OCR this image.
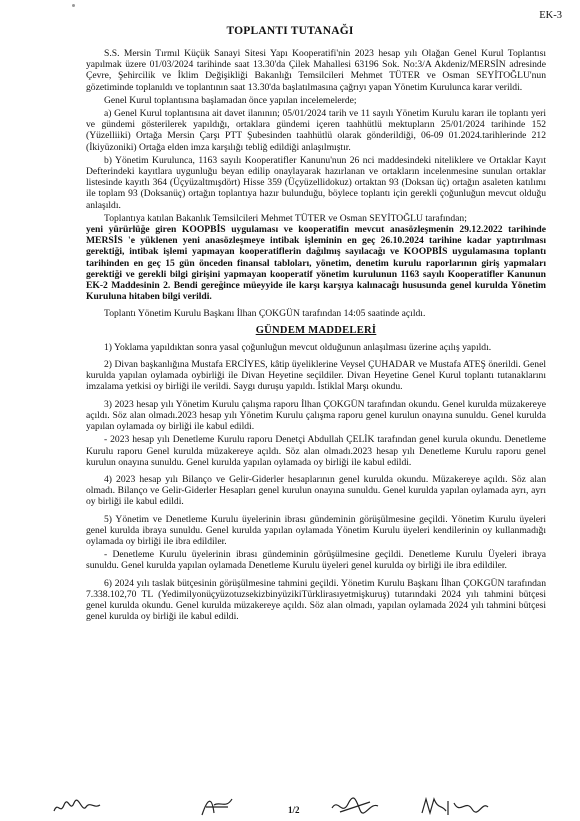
EK-3
TOPLANTI TUTANAĞI

S.S. Mersin Tırmıl Küçük Sanayi Sitesi Yapı Kooperatifi'nin 2023 hesap yılı Olağan Genel Kurul Toplantısı yapılmak üzere 01/03/2024 tarihinde saat 13.30'da Çilek Mahallesi 63196 Sok. No:3/A Akdeniz/MERSİN adresinde Çevre, Şehircilik ve İklim Değişikliği Bakanlığı Temsilcileri Mehmet TÜTER ve Osman SEYİTOĞLU'nun gözetiminde toplanıldı ve toplantının saat 13.30'da başlatılmasına çağrıyı yapan Yönetim Kurulunca karar verildi.

Genel Kurul toplantısına başlamadan önce yapılan incelemelerde;

a) Genel Kurul toplantısına ait davet ilanının; 05/01/2024 tarih ve 11 sayılı Yönetim Kurulu kararı ile toplantı yeri ve gündemi gösterilerek yapıldığı, ortaklara gündemi içeren taahhütlü mektupların 25/01/2024 tarihinde 152 (Yüzelliiki) Ortağa Mersin Çarşı PTT Şubesinden taahhütlü olarak gönderildiği, 06-09 01.2024.tarihlerinde 212 (İkiyüzoniki) Ortağa elden imza karşılığı tebliğ edildiği anlaşılmıştır.

b) Yönetim Kurulunca, 1163 sayılı Kooperatifler Kanunu'nun 26 nci maddesindeki niteliklere ve Ortaklar Kayıt Defterindeki kayıtlara uygunluğu beyan edilip onaylayarak hazırlanan ve ortakların incelenmesine sunulan ortaklar listesinde kayıtlı 364 (Üçyüzaltmışdört) Hisse 359 (Üçyüzellidokuz) ortaktan 93 (Doksan üç) ortağın asaleten katılımı ile toplam 93 (Doksanüç) ortağın toplantıya hazır bulunduğu, böylece toplantı için gerekli çoğunluğun mevcut olduğu anlaşıldı.

Toplantıya katılan Bakanlık Temsilcileri Mehmet TÜTER ve Osman SEYİTOĞLU tarafından;

yeni yürürlüğe giren KOOPBİS uygulaması ve kooperatifin mevcut anasözleşmenin 29.12.2022 tarihinde MERSİS 'e yüklenen yeni anasözleşmeye intibak işleminin en geç 26.10.2024 tarihine kadar yaptırılması gerektiği, intibak işlemi yapmayan kooperatiflerin dağılmış sayılacağı ve KOOPBİS uygulamasına toplantı tarihinden en geç 15 gün önceden finansal tabloları, yönetim, denetim kurulu raporlarının giriş yapmaları gerektiği ve gerekli bilgi girişini yapmayan kooperatif yönetim kurulunun 1163 sayılı Kooperatifler Kanunun EK-2 Maddesinin 2. Bendi gereğince müeyyide ile karşı karşıya kalınacağı hususunda genel kurulda Yönetim Kuruluna hitaben bilgi verildi.

Toplantı Yönetim Kurulu Başkanı İlhan ÇOKGÜN tarafından 14:05 saatinde açıldı.

GÜNDEM MADDELERİ

1) Yoklama yapıldıktan sonra yasal çoğunluğun mevcut olduğunun anlaşılması üzerine açılış yapıldı.

2) Divan başkanlığına Mustafa ERCİYES, kâtip üyeliklerine Veysel ÇUHADAR ve Mustafa ATEŞ önerildi. Genel kurulda yapılan oylamada oybirliği ile Divan Heyetine seçildiler. Divan Heyetine Genel Kurul toplantı tutanaklarını imzalama yetkisi oy birliği ile verildi. Saygı duruşu yapıldı. İstiklal Marşı okundu.

3) 2023 hesap yılı Yönetim Kurulu çalışma raporu İlhan ÇOKGÜN tarafından okundu. Genel kurulda müzakereye açıldı. Söz alan olmadı.2023 hesap yılı Yönetim Kurulu çalışma raporu genel kurulun onayına sunuldu. Genel kurulda yapılan oylamada oy birliği ile kabul edildi.

- 2023 hesap yılı Denetleme Kurulu raporu Denetçi Abdullah ÇELİK tarafından genel kurula okundu. Denetleme Kurulu raporu Genel kurulda müzakereye açıldı. Söz alan olmadı.2023 hesap yılı Denetleme Kurulu raporu genel kurulun onayına sunuldu. Genel kurulda yapılan oylamada oy birliği ile kabul edildi.

4) 2023 hesap yılı Bilanço ve Gelir-Giderler hesaplarının genel kurulda okundu. Müzakereye açıldı. Söz alan olmadı. Bilanço ve Gelir-Giderler Hesapları genel kurulun onayına sunuldu. Genel kurulda yapılan oylamada ayrı, ayrı oy birliği ile kabul edildi.

5) Yönetim ve Denetleme Kurulu üyelerinin ibrası gündeminin görüşülmesine geçildi. Yönetim Kurulu üyeleri genel kurulda ibraya sunuldu. Genel kurulda yapılan oylamada Yönetim Kurulu üyeleri kendilerinin oy kullanmadığı oylamada oy birliği ile ibra edildiler.

- Denetleme Kurulu üyelerinin ibrası gündeminin görüşülmesine geçildi. Denetleme Kurulu Üyeleri ibraya sunuldu. Genel kurulda yapılan oylamada Denetleme Kurulu üyeleri genel kurulda oy birliği ile ibra edildiler.

6) 2024 yılı taslak bütçesinin görüşülmesine tahmini geçildi. Yönetim Kurulu Başkanı İlhan ÇOKGÜN tarafından 7.338.102,70 TL (YedimilyonüçyüzotuzsekizbinyüzikiTürklirasıyetmişkuruş) tutarındaki 2024 yılı tahmini bütçesi genel kurulda okundu. Genel kurulda müzakereye açıldı. Söz alan olmadı, yapılan oylamada 2024 yılı tahmini bütçesi genel kurulda oy birliği ile kabul edildi.

1/2
